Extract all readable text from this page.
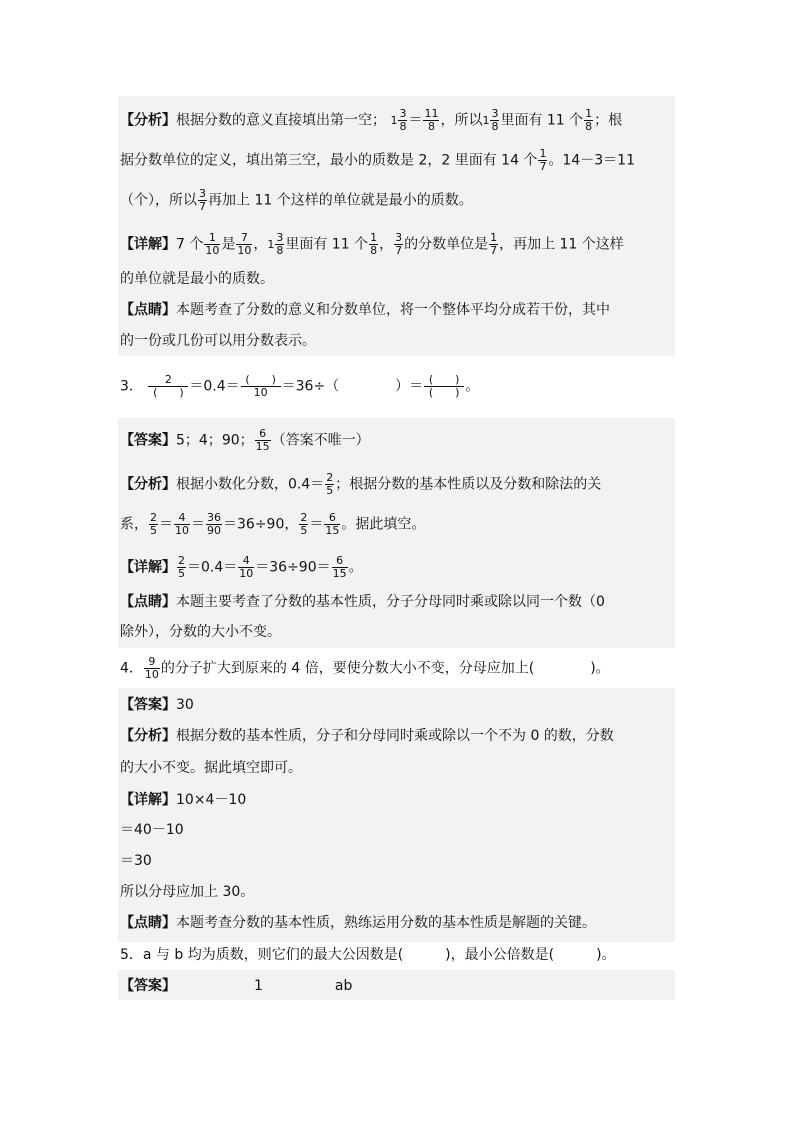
【分析】根据分数的意义直接填出第一空； $1 \frac{3}{8} = \frac{11}{8}$ ，所以$1 \frac{3}{8}$ 里面有 11 个 $\frac{1}{8}$ ；根
据分数单位的定义，填出第三空，最小的质数是 2，2 里面有 14 个 $\frac{1}{7}$ 。14－3＝11
（个），所以 $\frac{3}{7}$ 再加上 11 个这样的单位就是最小的质数。
【详解】7 个 $\frac{1}{10}$ 是 $\frac{7}{10}$ ，$1 \frac{3}{8}$ 里面有 11 个 $\frac{1}{8}$ ， $\frac{3}{7}$ 的分数单位是 $\frac{1}{7}$ ，再加上 11 个这样
的单位就是最小的质数。
【点睛】本题考查了分数的意义和分数单位，将一个整体平均分成若干份，其中
的一份或几份可以用分数表示。
3． $\frac{2}{( )} =0.4= \frac{( )}{10} =36\div$（　　　　）＝ $\frac{( )}{( )}$ 。
【答案】5；4；90； $\frac{6}{15}$ （答案不唯一）
【分析】根据小数化分数，$0.4= \frac{2}{5}$ ；根据分数的基本性质以及分数和除法的关
系， $\frac{2}{5} = \frac{4}{10} = \frac{36}{90} =36\div 90$， $\frac{2}{5} = \frac{6}{15}$ 。据此填空。
【详解】 $\frac{2}{5} =0.4= \frac{4}{10} =36\div 90= \frac{6}{15}$ 。
【点睛】本题主要考查了分数的基本性质，分子分母同时乘或除以同一个数（0
除外），分数的大小不变。
4． $\frac{9}{10}$ 的分子扩大到原来的 4 倍，要使分数大小不变，分母应加上(　　　　)。
【答案】30
【分析】根据分数的基本性质，分子和分母同时乘或除以一个不为 0 的数，分数
的大小不变。据此填空即可。
【详解】10×4－10
＝40－10
＝30
所以分母应加上 30。
【点睛】本题考查分数的基本性质，熟练运用分数的基本性质是解题的关键。
5．a 与 b 均为质数，则它们的最大公因数是(　　　)，最小公倍数是(　　　)。
【答案】	1	ab
